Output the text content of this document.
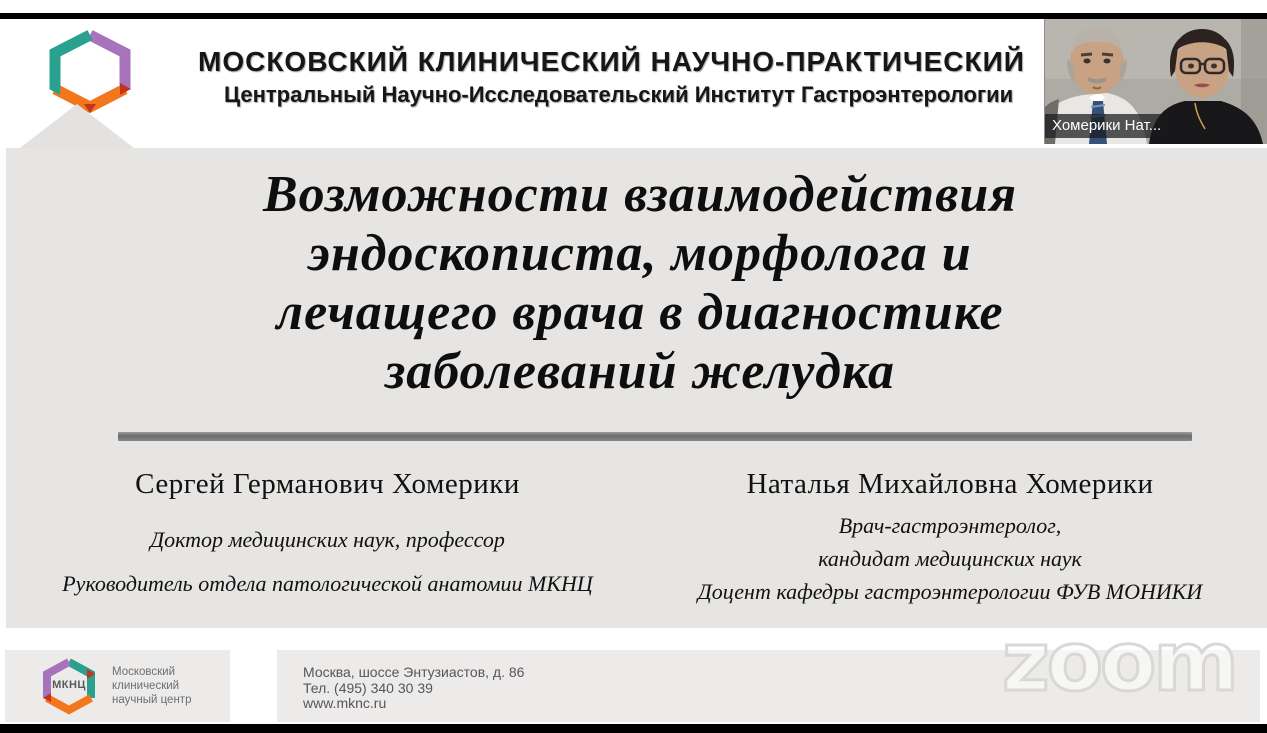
МОСКОВСКИЙ КЛИНИЧЕСКИЙ НАУЧНО-ПРАКТИЧЕСКИЙ
Центральный Научно-Исследовательский Институт Гастроэнтерологии
Возможности взаимодействия
эндоскописта, морфолога и
лечащего врача в диагностике
заболеваний желудка
Сергей Германович Хомерики
Доктор медицинских наук, профессор
Руководитель отдела патологической анатомии МКНЦ
Наталья Михайловна Хомерики
Врач-гастроэнтеролог,
кандидат медицинских наук
Доцент кафедры гастроэнтерологии ФУВ МОНИКИ
МКНЦ
Московский
клинический
научный центр
Москва, шоссе Энтузиастов, д. 86
Тел. (495) 340 30 39
www.mknc.ru	zoom
Хомерики Нат...
